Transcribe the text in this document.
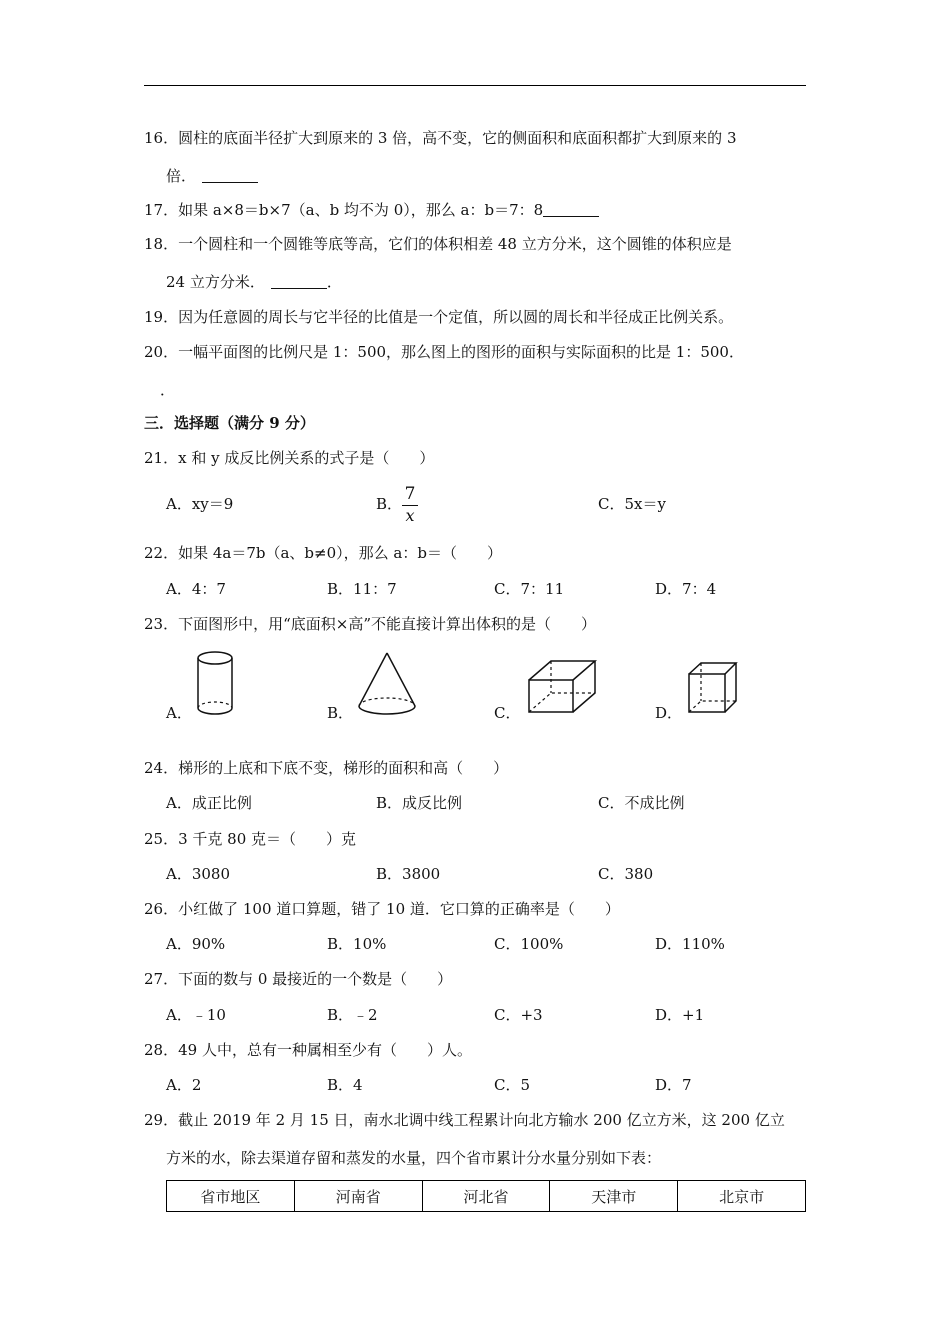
16．圆柱的底面半径扩大到原来的 3 倍，高不变，它的侧面积和底面积都扩大到原来的 3
倍．
17．如果 a×8＝b×7（a、b 均不为 0），那么 a：b＝7：8
18．一个圆柱和一个圆锥等底等高，它们的体积相差 48 立方分米，这个圆锥的体积应是
24 立方分米．	．
19．因为任意圆的周长与它半径的比值是一个定值，所以圆的周长和半径成正比例关系。
20．一幅平面图的比例尺是 1：500，那么图上的图形的面积与实际面积的比是 1：500．
．
三．选择题（满分 9 分）
21．x 和 y 成反比例关系的式子是（　　）
A．xy＝9	B． 7
x
C．5x＝y
22．如果 4a＝7b（a、b≠0），那么 a：b＝（　　）
A．4：7	B．11：7	C．7：11	D．7：4
23．下面图形中，用“底面积×高”不能直接计算出体积的是（　　）
A．	B．	C．	D．
24．梯形的上底和下底不变，梯形的面积和高（　　）
A．成正比例	B．成反比例	C．不成比例
25．3 千克 80 克＝（　　）克
A．3080	B．3800	C．380
26．小红做了 100 道口算题，错了 10 道．它口算的正确率是（　　）
A．90%	B．10%	C．100%	D．110%
27．下面的数与 0 最接近的一个数是（　　）
A．﹣10	B．﹣2	C．+3	D．+1
28．49 人中，总有一种属相至少有（　　）人。
A．2	B．4	C．5	D．7
29．截止 2019 年 2 月 15 日，南水北调中线工程累计向北方输水 200 亿立方米，这 200 亿立
方米的水，除去渠道存留和蒸发的水量，四个省市累计分水量分别如下表：
省市地区	河南省	河北省	天津市	北京市
